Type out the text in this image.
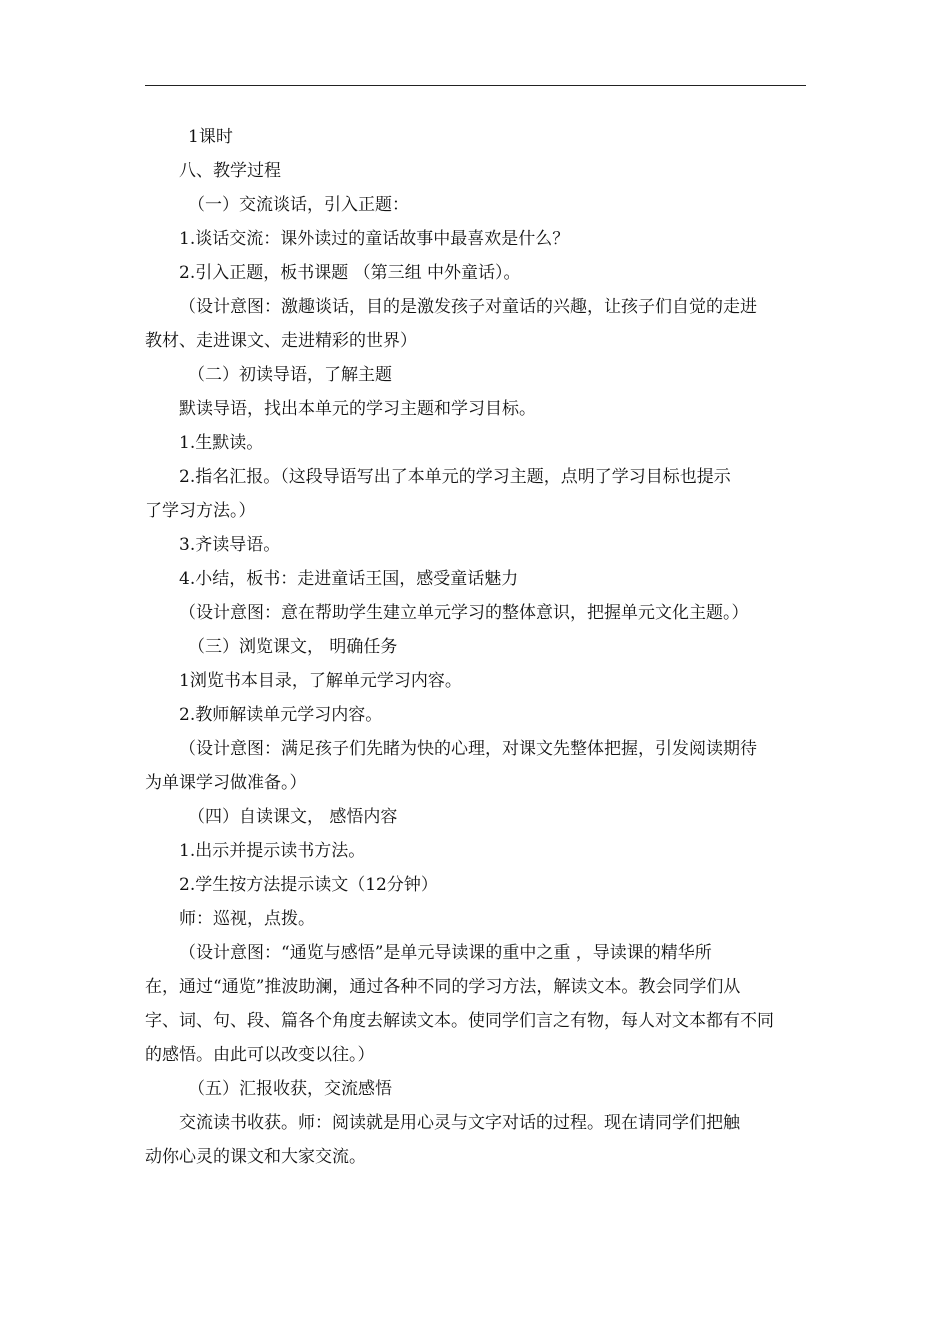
1课时
八、教学过程
（一）交流谈话，引入正题：
1.谈话交流：课外读过的童话故事中最喜欢是什么？
2.引入正题，板书课题 （第三组 中外童话）。
（设计意图：激趣谈话，目的是激发孩子对童话的兴趣，让孩子们自觉的走进
教材、走进课文、走进精彩的世界）
（二）初读导语，了解主题
默读导语，找出本单元的学习主题和学习目标。
1.生默读。
2.指名汇报。（这段导语写出了本单元的学习主题，点明了学习目标也提示
了学习方法。）
3.齐读导语。
4.小结，板书：走进童话王国，感受童话魅力
（设计意图：意在帮助学生建立单元学习的整体意识，把握单元文化主题。）
（三）浏览课文， 明确任务
1浏览书本目录，了解单元学习内容。
2.教师解读单元学习内容。
（设计意图：满足孩子们先睹为快的心理，对课文先整体把握，引发阅读期待
为单课学习做准备。）
（四）自读课文， 感悟内容
1.出示并提示读书方法。
2.学生按方法提示读文（12分钟）
师：巡视，点拨。
（设计意图：“通览与感悟”是单元导读课的重中之重 ，导读课的精华所
在，通过“通览”推波助澜，通过各种不同的学习方法，解读文本。教会同学们从
字、词、句、段、篇各个角度去解读文本。使同学们言之有物，每人对文本都有不同
的感悟。由此可以改变以往。）
（五）汇报收获，交流感悟
交流读书收获。师：阅读就是用心灵与文字对话的过程。现在请同学们把触
动你心灵的课文和大家交流。
